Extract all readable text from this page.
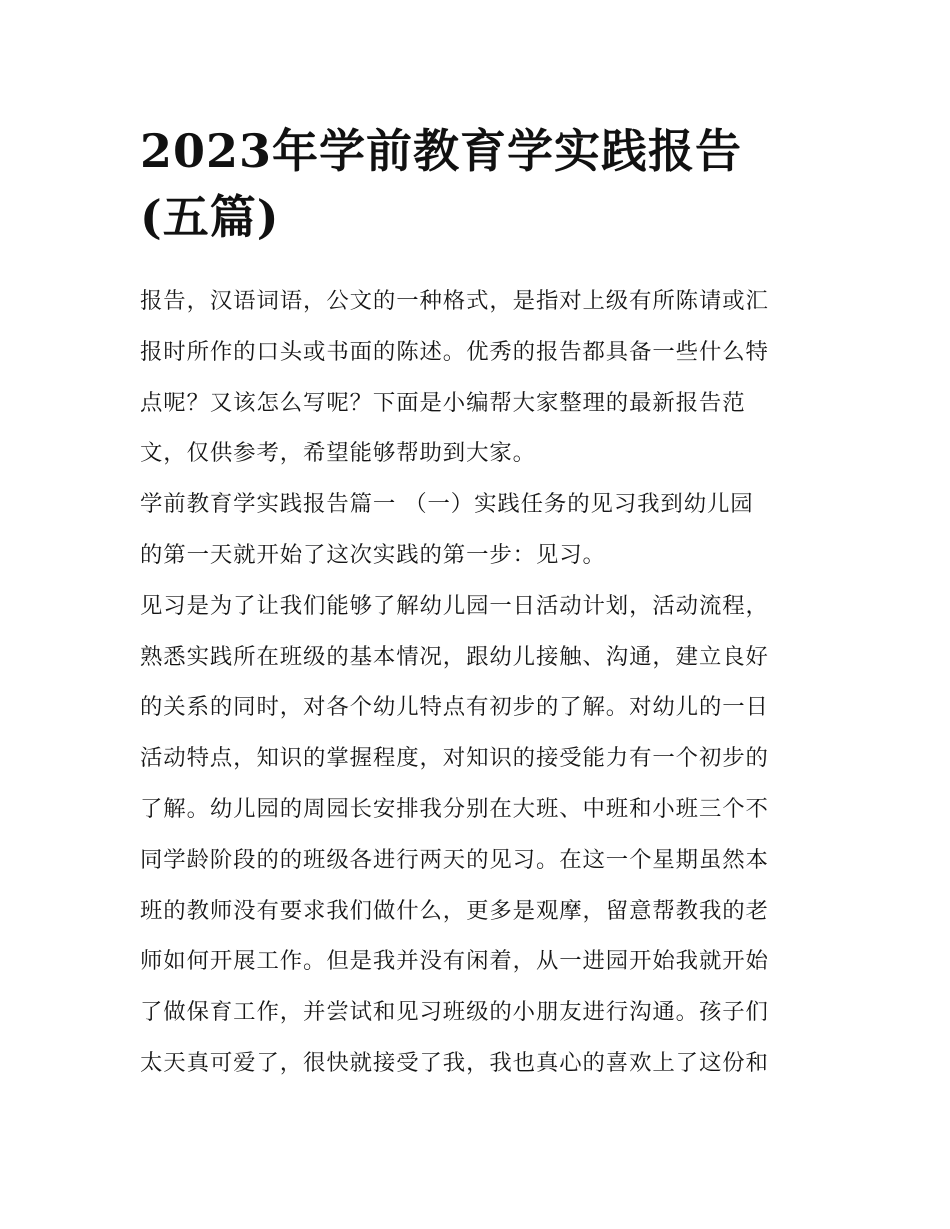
2023年学前教育学实践报告
(五篇)
报告，汉语词语，公文的一种格式，是指对上级有所陈请或汇
报时所作的口头或书面的陈述。优秀的报告都具备一些什么特
点呢？又该怎么写呢？下面是小编帮大家整理的最新报告范
文，仅供参考，希望能够帮助到大家。
学前教育学实践报告篇一 （一）实践任务的见习我到幼儿园
的第一天就开始了这次实践的第一步：见习。
见习是为了让我们能够了解幼儿园一日活动计划，活动流程，
熟悉实践所在班级的基本情况，跟幼儿接触、沟通，建立良好
的关系的同时，对各个幼儿特点有初步的了解。对幼儿的一日
活动特点，知识的掌握程度，对知识的接受能力有一个初步的
了解。幼儿园的周园长安排我分别在大班、中班和小班三个不
同学龄阶段的的班级各进行两天的见习。在这一个星期虽然本
班的教师没有要求我们做什么，更多是观摩，留意帮教我的老
师如何开展工作。但是我并没有闲着，从一进园开始我就开始
了做保育工作，并尝试和见习班级的小朋友进行沟通。孩子们
太天真可爱了，很快就接受了我，我也真心的喜欢上了这份和
